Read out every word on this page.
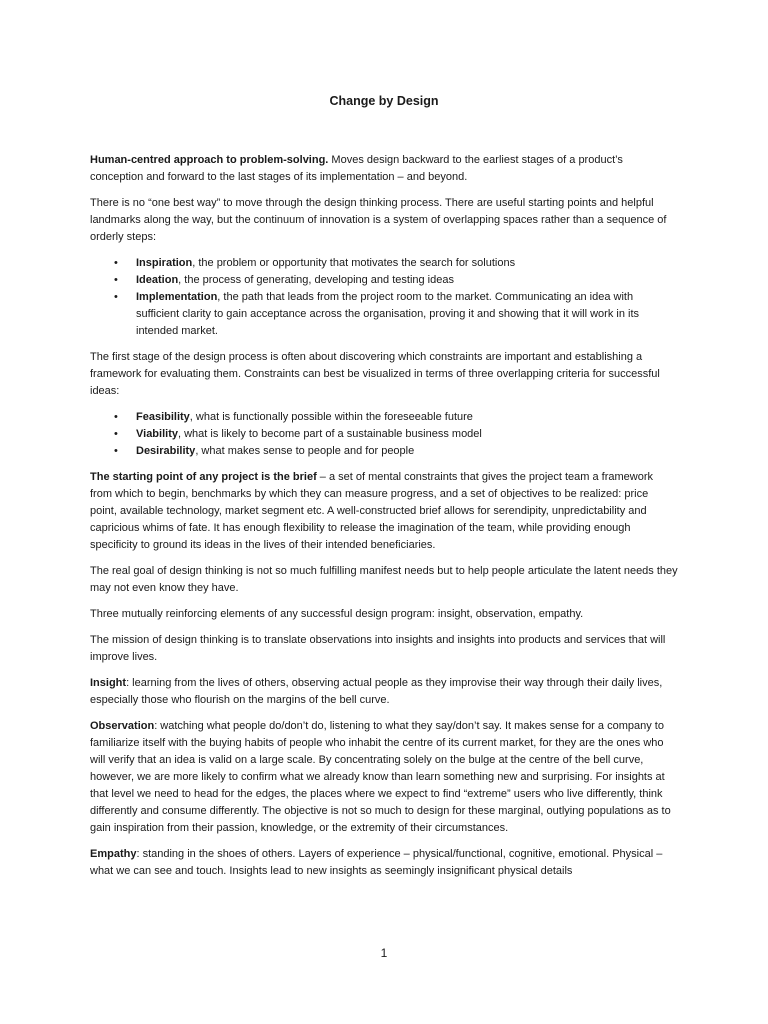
Change by Design

Human-centred approach to problem-solving. Moves design backward to the earliest stages of a product’s conception and forward to the last stages of its implementation – and beyond.

There is no “one best way” to move through the design thinking process. There are useful starting points and helpful landmarks along the way, but the continuum of innovation is a system of overlapping spaces rather than a sequence of orderly steps:

• Inspiration, the problem or opportunity that motivates the search for solutions
• Ideation, the process of generating, developing and testing ideas
• Implementation, the path that leads from the project room to the market. Communicating an idea with sufficient clarity to gain acceptance across the organisation, proving it and showing that it will work in its intended market.

The first stage of the design process is often about discovering which constraints are important and establishing a framework for evaluating them. Constraints can best be visualized in terms of three overlapping criteria for successful ideas:

• Feasibility, what is functionally possible within the foreseeable future
• Viability, what is likely to become part of a sustainable business model
• Desirability, what makes sense to people and for people

The starting point of any project is the brief – a set of mental constraints that gives the project team a framework from which to begin, benchmarks by which they can measure progress, and a set of objectives to be realized: price point, available technology, market segment etc. A well-constructed brief allows for serendipity, unpredictability and capricious whims of fate. It has enough flexibility to release the imagination of the team, while providing enough specificity to ground its ideas in the lives of their intended beneficiaries.

The real goal of design thinking is not so much fulfilling manifest needs but to help people articulate the latent needs they may not even know they have.

Three mutually reinforcing elements of any successful design program: insight, observation, empathy.

The mission of design thinking is to translate observations into insights and insights into products and services that will improve lives.

Insight: learning from the lives of others, observing actual people as they improvise their way through their daily lives, especially those who flourish on the margins of the bell curve.

Observation: watching what people do/don’t do, listening to what they say/don’t say. It makes sense for a company to familiarize itself with the buying habits of people who inhabit the centre of its current market, for they are the ones who will verify that an idea is valid on a large scale. By concentrating solely on the bulge at the centre of the bell curve, however, we are more likely to confirm what we already know than learn something new and surprising. For insights at that level we need to head for the edges, the places where we expect to find “extreme” users who live differently, think differently and consume differently. The objective is not so much to design for these marginal, outlying populations as to gain inspiration from their passion, knowledge, or the extremity of their circumstances.

Empathy: standing in the shoes of others. Layers of experience – physical/functional, cognitive, emotional. Physical – what we can see and touch. Insights lead to new insights as seemingly insignificant physical details

1
